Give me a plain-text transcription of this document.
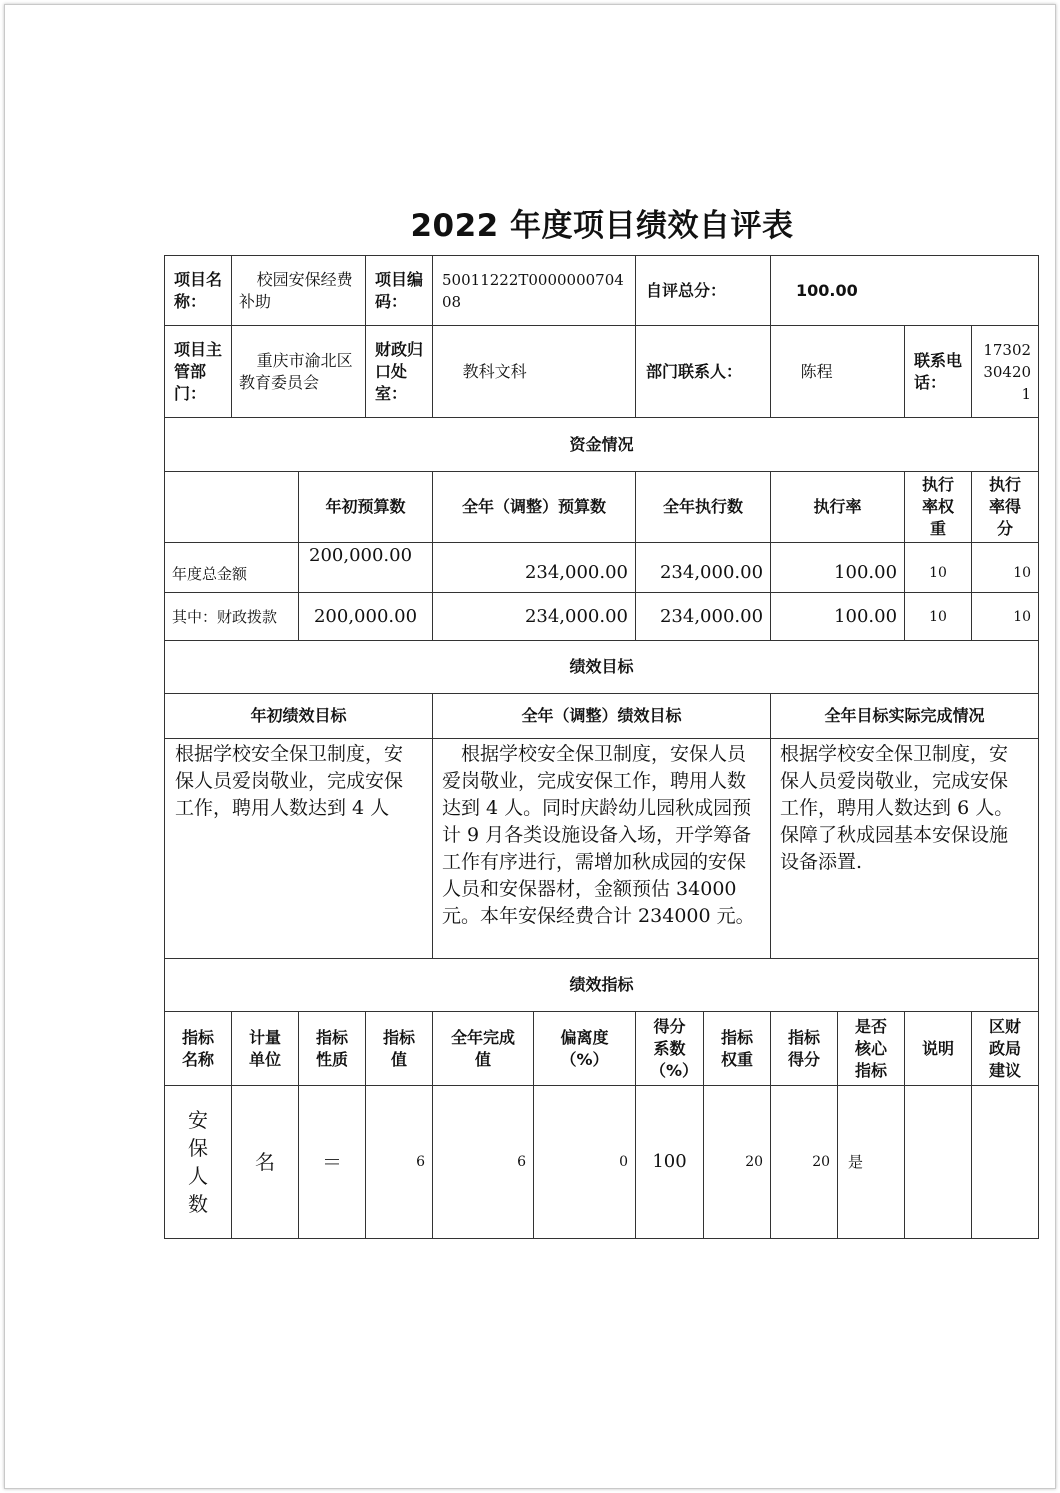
2022 年度项目绩效自评表
项目名称：	校园安保经费补助		项目编码：	50011222T000000070408		自评总分：		100.00			
项目主管部门：	重庆市渝北区教育委员会		财政归口处室：	教科文科		部门联系人：		陈程		联系电话：	17302304201
资金情况											
		年初预算数		全年（调整）预算数		全年执行数		执行率		执行率权重	执行率得分
年度总金额		200,000.00		234,000.00		234,000.00		100.00		10	10
其中：财政拨款		200,000.00		234,000.00		234,000.00		100.00		10	10
绩效目标											
年初绩效目标				全年（调整）绩效目标				全年目标实际完成情况			
根据学校安全保卫制度，安保人员爱岗敬业，完成安保工作，聘用人数达到 4 人				根据学校安全保卫制度，安保人员爱岗敬业，完成安保工作，聘用人数达到 4 人。同时庆龄幼儿园秋成园预计 9 月各类设施设备入场，开学筹备工作有序进行，需增加秋成园的安保人员和安保器材，金额预估 34000 元。本年安保经费合计 234000 元。				根据学校安全保卫制度，安保人员爱岗敬业，完成安保工作，聘用人数达到 6 人。保障了秋成园基本安保设施设备添置.			
绩效指标											
指标名称	计量单位	指标性质	指标值	全年完成值	偏离度（%）	得分系数（%）	指标权重	指标得分	是否核心指标	说明	区财政局建议
安保人数	名	＝	6	6	0	100	20	20	是		
